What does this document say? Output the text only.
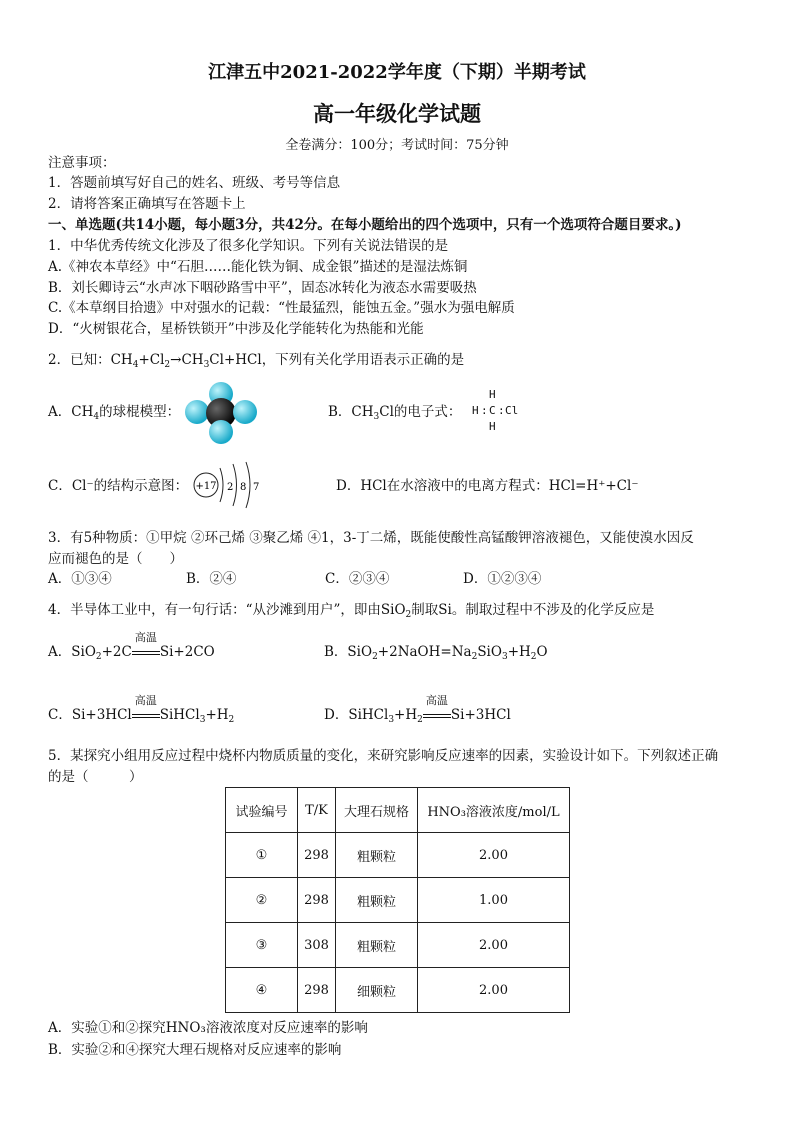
江津五中2021-2022学年度（下期）半期考试
高一年级化学试题
全卷满分：100分；考试时间：75分钟
注意事项：
1．答题前填写好自己的姓名、班级、考号等信息
2．请将答案正确填写在答题卡上
一、单选题(共14小题，每小题3分，共42分。在每小题给出的四个选项中，只有一个选项符合题目要求。)
1．中华优秀传统文化涉及了很多化学知识。下列有关说法错误的是
A.《神农本草经》中“石胆……能化铁为铜、成金银”描述的是湿法炼铜
B．刘长卿诗云“水声冰下咽砂路雪中平”，固态冰转化为液态水需要吸热
C.《本草纲目拾遗》中对强水的记载：“性最猛烈，能蚀五金。”强水为强电解质
D．“火树银花合，星桥铁锁开”中涉及化学能转化为热能和光能
2．已知：$CH_4+Cl_2\to CH_3Cl+HCl$，下列有关化学用语表示正确的是
A．$CH_4$的球棍模型：	B．$CH_3Cl$的电子式：
H
H : C : Cl
H
C．Cl⁻的结构示意图： +17 2 8 7	D．HCl在水溶液中的电离方程式：HCl=H⁺+Cl⁻
3．有5种物质：①甲烷 ②环己烯 ③聚乙烯 ④1，3-丁二烯，既能使酸性高锰酸钾溶液褪色，又能使溴水因反
应而褪色的是（　　）
A．①③④	B．②④	C．②③④	D．①②③④
4．半导体工业中，有一句行话：“从沙滩到用户”，即由SiO$_2$制取Si。制取过程中不涉及的化学反应是
A．SiO$_2$+2C
高温
Si+2CO	B．$SiO_2+2NaOH=Na_2SiO_3+H_2O$
C．Si+3HCl
高温
$SiHCl_3+H_2$	D．$SiHCl_3+H_2$
高温
Si+3HCl
5．某探究小组用反应过程中烧杯内物质质量的变化，来研究影响反应速率的因素，实验设计如下。下列叙述正确
的是（　　　）
试验编号	T/K	大理石规格	HNO₃溶液浓度/mol/L
①	298	粗颗粒	2.00
②	298	粗颗粒	1.00
③	308	粗颗粒	2.00
④	298	细颗粒	2.00
A．实验①和②探究HNO₃溶液浓度对反应速率的影响
B．实验②和④探究大理石规格对反应速率的影响
